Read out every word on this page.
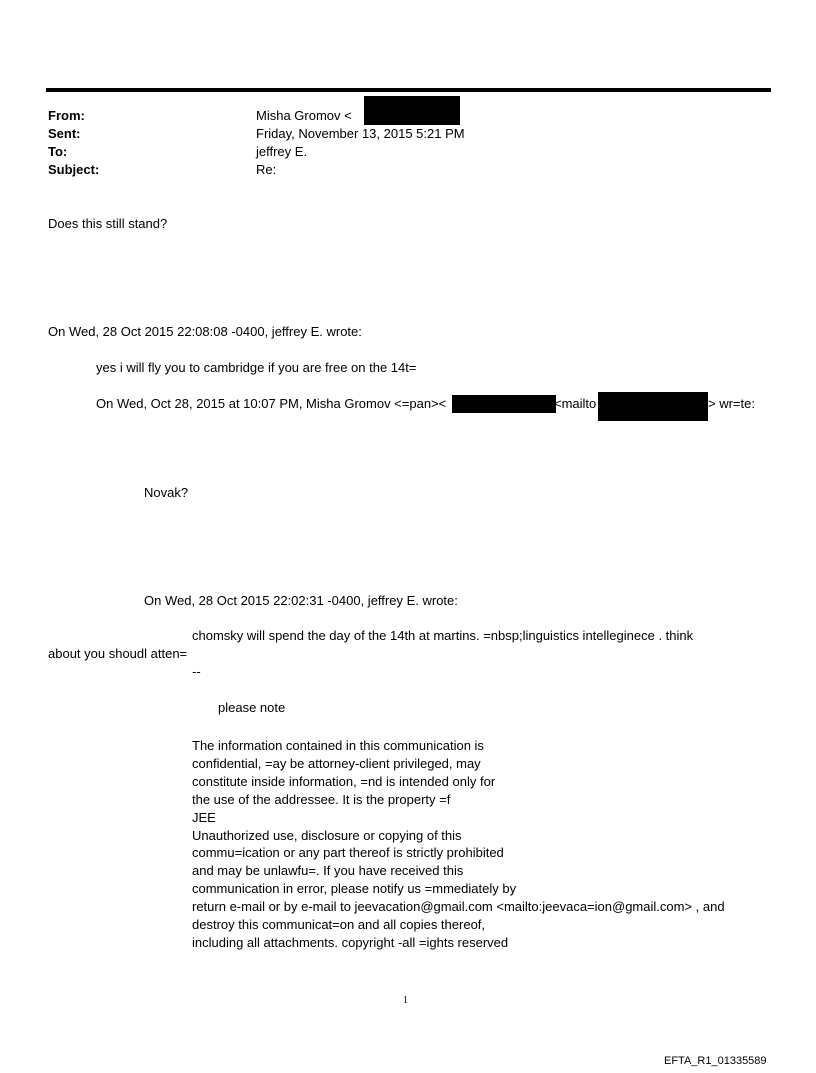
From:	Misha Gromov <
Sent:	Friday, November 13, 2015 5:21 PM
To:	jeffrey E.
Subject:	Re:
Does this still stand?
On Wed, 28 Oct 2015 22:08:08 -0400, jeffrey E. wrote:
yes i will fly you to cambridge if you are free on the 14t=
On Wed, Oct 28, 2015 at 10:07 PM, Misha Gromov <=pan><	<mailto	> wr=te:
Novak?
On Wed, 28 Oct 2015 22:02:31 -0400, jeffrey E. wrote:
chomsky will spend the day of the 14th at martins. =nbsp;linguistics intelleginece . think
about you shoudl atten=
--
please note
The information contained in this communication is
confidential, =ay be attorney-client privileged, may
constitute inside information, =nd is intended only for
the use of the addressee. It is the property =f
JEE
Unauthorized use, disclosure or copying of this
commu=ication or any part thereof is strictly prohibited
and may be unlawfu=. If you have received this
communication in error, please notify us =mmediately by
return e-mail or by e-mail to jeevacation@gmail.com <mailto:jeevaca=ion@gmail.com> , and
destroy this communicat=on and all copies thereof,
including all attachments. copyright -all =ights reserved
1
EFTA_R1_01335589
